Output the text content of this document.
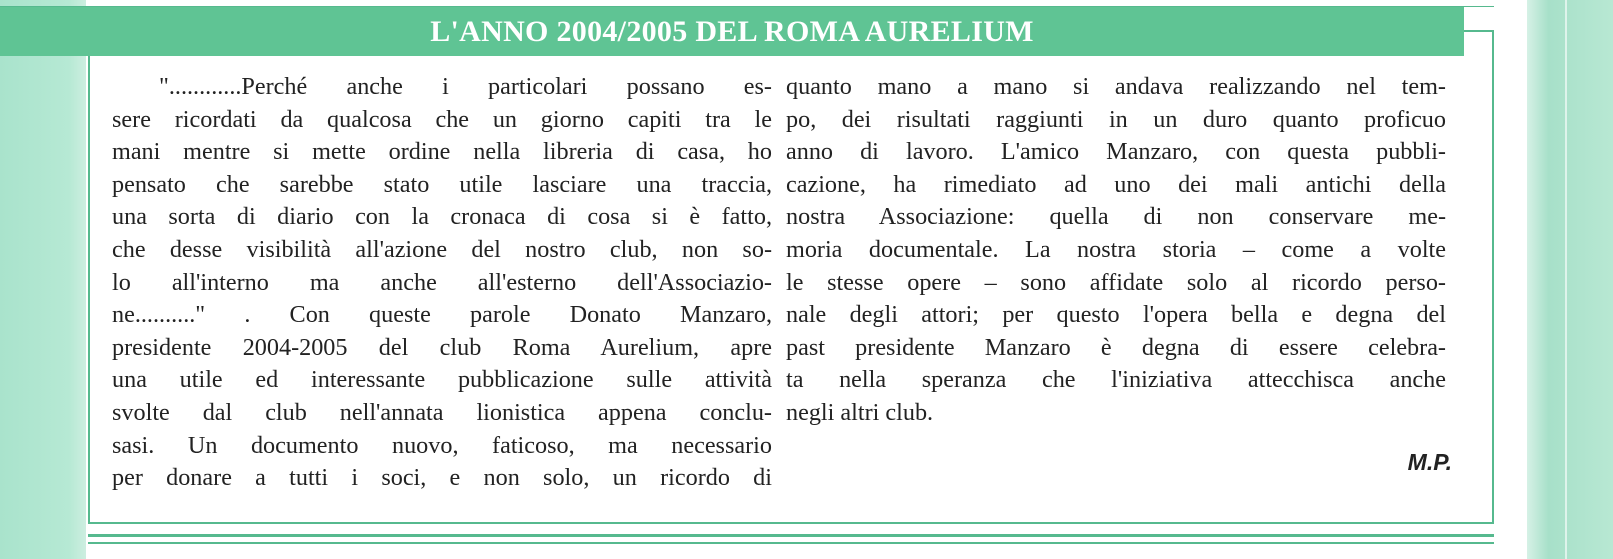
L'ANNO 2004/2005 DEL ROMA AURELIUM
"............Perché anche i particolari possano es-
sere ricordati da qualcosa che un giorno capiti tra le
mani mentre si mette ordine nella libreria di casa, ho
pensato che sarebbe stato utile lasciare una traccia,
una sorta di diario con la cronaca di cosa si è fatto,
che desse visibilità all'azione del nostro club, non so-
lo all'interno ma anche all'esterno dell'Associazio-
ne.........." . Con queste parole Donato Manzaro,
presidente 2004-2005 del club Roma Aurelium, apre
una utile ed interessante pubblicazione sulle attività
svolte dal club nell'annata lionistica appena conclu-
sasi. Un documento nuovo, faticoso, ma necessario
per donare a tutti i soci, e non solo, un ricordo di
quanto mano a mano si andava realizzando nel tem-
po, dei risultati raggiunti in un duro quanto proficuo
anno di lavoro. L'amico Manzaro, con questa pubbli-
cazione, ha rimediato ad uno dei mali antichi della
nostra Associazione: quella di non conservare me-
moria documentale. La nostra storia – come a volte
le stesse opere – sono affidate solo al ricordo perso-
nale degli attori; per questo l'opera bella e degna del
past presidente Manzaro è degna di essere celebra-
ta nella speranza che l'iniziativa attecchisca anche
negli altri club.
M.P.
